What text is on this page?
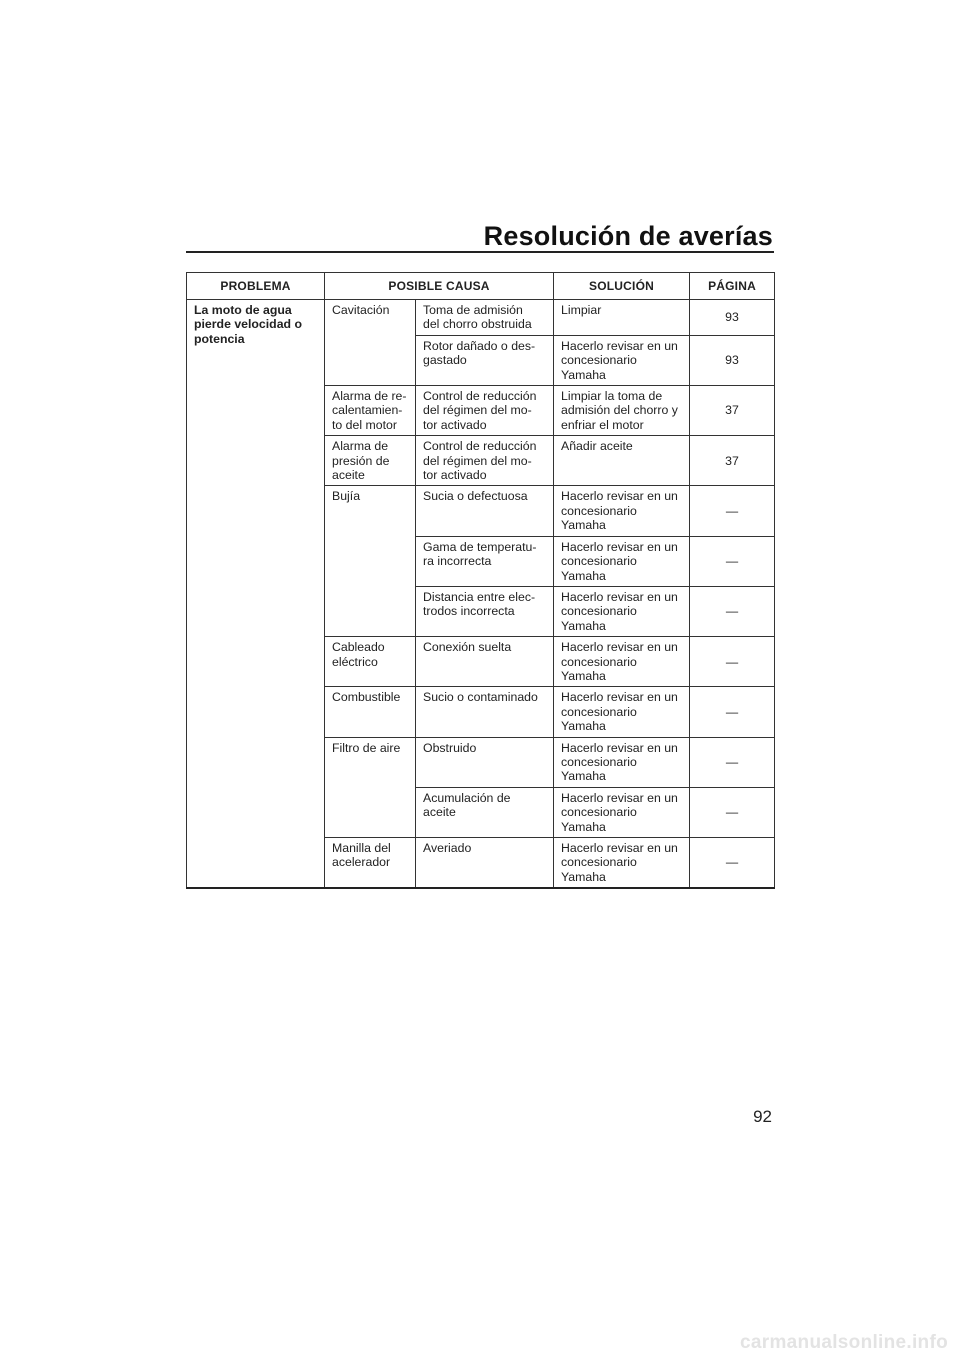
Resolución de averías
PROBLEMA	POSIBLE CAUSA		SOLUCIÓN	PÁGINA
La moto de agua
pierde velocidad o
potencia	Cavitación	Toma de admisión
del chorro obstruida	Limpiar	93
		Rotor dañado o des-
gastado	Hacerlo revisar en un
concesionario
Yamaha	93
	Alarma de re-
calentamien-
to del motor	Control de reducción
del régimen del mo-
tor activado	Limpiar la toma de
admisión del chorro y
enfriar el motor	37
	Alarma de
presión de
aceite	Control de reducción
del régimen del mo-
tor activado	Añadir aceite	37
	Bujía	Sucia o defectuosa	Hacerlo revisar en un
concesionario
Yamaha	—
		Gama de temperatu-
ra incorrecta	Hacerlo revisar en un
concesionario
Yamaha	—
		Distancia entre elec-
trodos incorrecta	Hacerlo revisar en un
concesionario
Yamaha	—
	Cableado
eléctrico	Conexión suelta	Hacerlo revisar en un
concesionario
Yamaha	—
	Combustible	Sucio o contaminado	Hacerlo revisar en un
concesionario
Yamaha	—
	Filtro de aire	Obstruido	Hacerlo revisar en un
concesionario
Yamaha	—
		Acumulación de
aceite	Hacerlo revisar en un
concesionario
Yamaha	—
	Manilla del
acelerador	Averiado	Hacerlo revisar en un
concesionario
Yamaha	—
92
carmanualsonline.info
